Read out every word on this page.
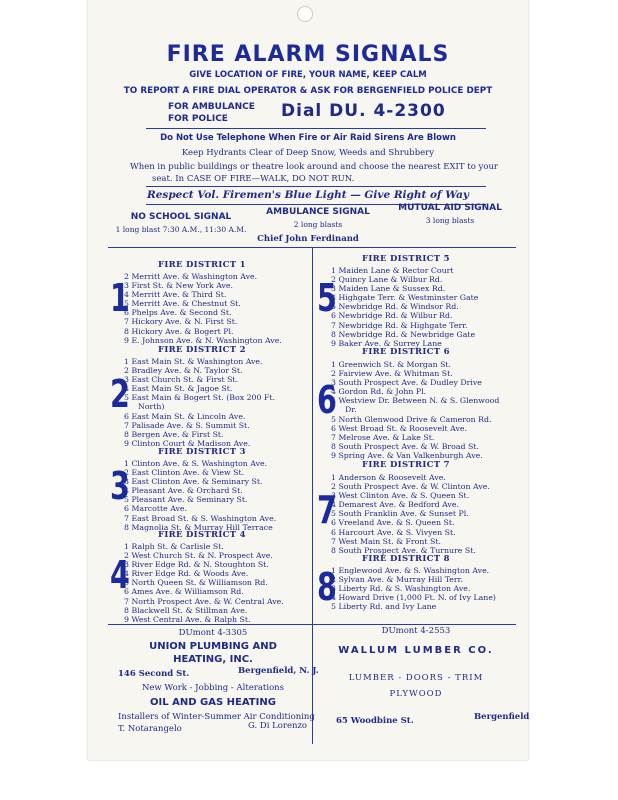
FIRE ALARM SIGNALS
GIVE LOCATION OF FIRE, YOUR NAME, KEEP CALM
TO REPORT A FIRE DIAL OPERATOR & ASK FOR BERGENFIELD POLICE DEPT
FOR AMBULANCE
FOR POLICE	Dial DU. 4-2300
Do Not Use Telephone When Fire or Air Raid Sirens Are Blown
Keep Hydrants Clear of Deep Snow, Weeds and Shrubbery
When in public buildings or theatre look around and choose the nearest EXIT to your
seat. In CASE OF FIRE—WALK, DO NOT RUN.
Respect Vol. Firemen's Blue Light — Give Right of Way
NO SCHOOL SIGNAL
1 long blast 7:30 A.M., 11:30 A.M.
AMBULANCE SIGNAL
2 long blasts
MUTUAL AID SIGNAL
3 long blasts
Chief John Ferdinand
FIRE DISTRICT 1
1
2 Merritt Ave. & Washington Ave.
3 First St. & New York Ave.
4 Merritt Ave. & Third St.
5 Merritt Ave. & Chestnut St.
6 Phelps Ave. & Second St.
7 Hickory Ave. & N. First St.
8 Hickory Ave. & Bogert Pl.
9 E. Johnson Ave. & N. Washington Ave.
FIRE DISTRICT 2
2
1 East Main St. & Washington Ave.
2 Bradley Ave. & N. Taylor St.
3 East Church St. & First St.
4 East Main St. & Jagoe St.
5 East Main & Bogert St. (Box 200 Ft.
North)
6 East Main St. & Lincoln Ave.
7 Palisade Ave. & S. Summit St.
8 Bergen Ave. & First St.
9 Clinton Court & Madison Ave.
FIRE DISTRICT 3
3
1 Clinton Ave. & S. Washington Ave.
2 East Clinton Ave. & View St.
3 East Clinton Ave. & Seminary St.
4 Pleasant Ave. & Orchard St.
5 Pleasant Ave. & Seminary St.
6 Marcotte Ave.
7 East Broad St. & S. Washington Ave.
8 Magnolia St. & Murray Hill Terrace
FIRE DISTRICT 4
4
1 Ralph St. & Carlisle St.
2 West Church St. & N. Prospect Ave.
3 River Edge Rd. & N. Stoughton St.
4 River Edge Rd. & Woods Ave.
5 North Queen St. & Williamson Rd.
6 Ames Ave. & Williamson Rd.
7 North Prospect Ave. & W. Central Ave.
8 Blackwell St. & Stillman Ave.
9 West Central Ave. & Ralph St.
FIRE DISTRICT 5
5
1 Maiden Lane & Rector Court
2 Quincy Lane & Wilbur Rd.
3 Maiden Lane & Sussex Rd.
4 Highgate Terr. & Westminster Gate
5 Newbridge Rd. & Windsor Rd.
6 Newbridge Rd. & Wilbur Rd.
7 Newbridge Rd. & Highgate Terr.
8 Newbridge Rd. & Newbridge Gate
9 Baker Ave. & Surrey Lane
FIRE DISTRICT 6
6
1 Greenwich St. & Morgan St.
2 Fairview Ave. & Whitman St.
3 South Prospect Ave. & Dudley Drive
4 Gordon Rd. & John Pl.
4 Westview Dr. Between N. & S. Glenwood
Dr.
5 North Glenwood Drive & Cameron Rd.
6 West Broad St. & Roosevelt Ave.
7 Melrose Ave. & Lake St.
8 South Prospect Ave. & W. Broad St.
9 Spring Ave. & Van Valkenburgh Ave.
FIRE DISTRICT 7
7
1 Anderson & Roosevelt Ave.
2 South Prospect Ave. & W. Clinton Ave.
3 West Clinton Ave. & S. Queen St.
4 Demarest Ave. & Bedford Ave.
5 South Franklin Ave. & Sunset Pl.
6 Vreeland Ave. & S. Queen St.
6 Harcourt Ave. & S. Vivyen St.
7 West Main St. & Front St.
8 South Prospect Ave. & Turnure St.
FIRE DISTRICT 8
8
1 Englewood Ave. & S. Washington Ave.
2 Sylvan Ave. & Murray Hill Terr.
3 Liberty Rd. & S. Washington Ave.
4 Howard Drive (1,000 Ft. N. of Ivy Lane)
5 Liberty Rd. and Ivy Lane
DUmont 4-3305
UNION PLUMBING AND
HEATING, INC.
146 Second St.	Bergenfield, N. J.
New Work - Jobbing - Alterations
OIL AND GAS HEATING
Installers of Winter-Summer Air Conditioning
T. Notarangelo	G. Di Lorenzo
DUmont 4-2553
WALLUM LUMBER CO.
LUMBER - DOORS - TRIM
PLYWOOD
65 Woodbine St.	Bergenfield
